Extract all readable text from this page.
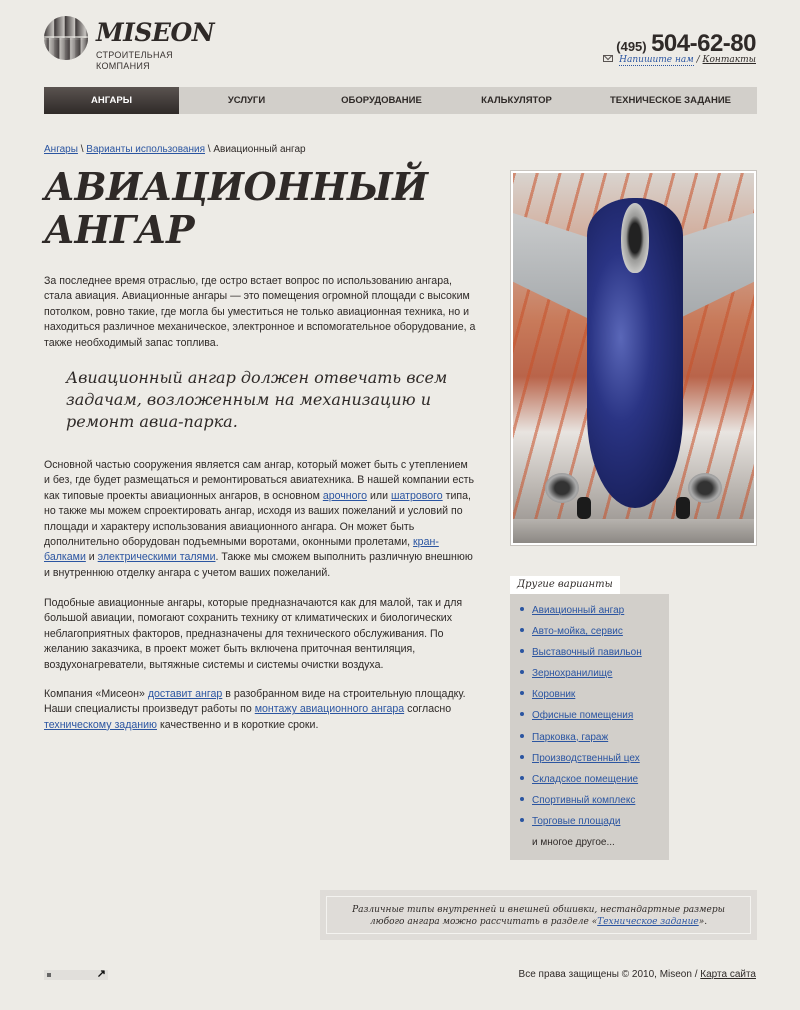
MISEON
СТРОИТЕЛЬНАЯ
КОМПАНИЯ
(495) 504-62-80
Напишите нам / Контакты
АНГАРЫ	УСЛУГИ	ОБОРУДОВАНИЕ	КАЛЬКУЛЯТОР	ТЕХНИЧЕСКОЕ ЗАДАНИЕ
Ангары \ Варианты использования \ Авиационный ангар
АВИАЦИОННЫЙ
АНГАР

За последнее время отраслью, где остро встает вопрос по использованию ангара, стала авиация. Авиационные ангары — это помещения огромной площади с высоким потолком, ровно такие, где могла бы уместиться не только авиационная техника, но и находиться различное механическое, электронное и вспомогательное оборудование, а также необходимый запас топлива.

Авиационный ангар должен отвечать всем задачам, возложенным на механизацию и ремонт авиа-парка.

Основной частью сооружения является сам ангар, который может быть с утеплением и без, где будет размещаться и ремонтироваться авиатехника. В нашей компании есть как типовые проекты авиационных ангаров, в основном арочного или шатрового типа, но также мы можем спроектировать ангар, исходя из ваших пожеланий и условий по площади и характеру использования авиационного ангара. Он может быть дополнительно оборудован подъемными воротами, оконными пролетами, кран-балками и электрическими талями. Также мы сможем выполнить различную внешнюю и внутреннюю отделку ангара с учетом ваших пожеланий.

Подобные авиационные ангары, которые предназначаются как для малой, так и для большой авиации, помогают сохранить технику от климатических и биологических неблагоприятных факторов, предназначены для технического обслуживания. По желанию заказчика, в проект может быть включена приточная вентиляция, воздухонагреватели, вытяжные системы и системы очистки воздуха.

Компания «Мисеон» доставит ангар в разобранном виде на строительную площадку. Наши специалисты произведут работы по монтажу авиационного ангара согласно техническому заданию качественно и в короткие сроки.

Другие варианты
Авиационный ангар
Авто-мойка, сервис
Выставочный павильон
Зернохранилище
Коровник
Офисные помещения
Парковка, гараж
Производственный цех
Складское помещение
Спортивный комплекс
Торговые площади
и многое другое...
Различные типы внутренней и внешней обшивки, нестандартные размеры
любого ангара можно рассчитать в разделе «Техническое задание».
↗	Все права защищены © 2010, Miseon / Карта сайта
